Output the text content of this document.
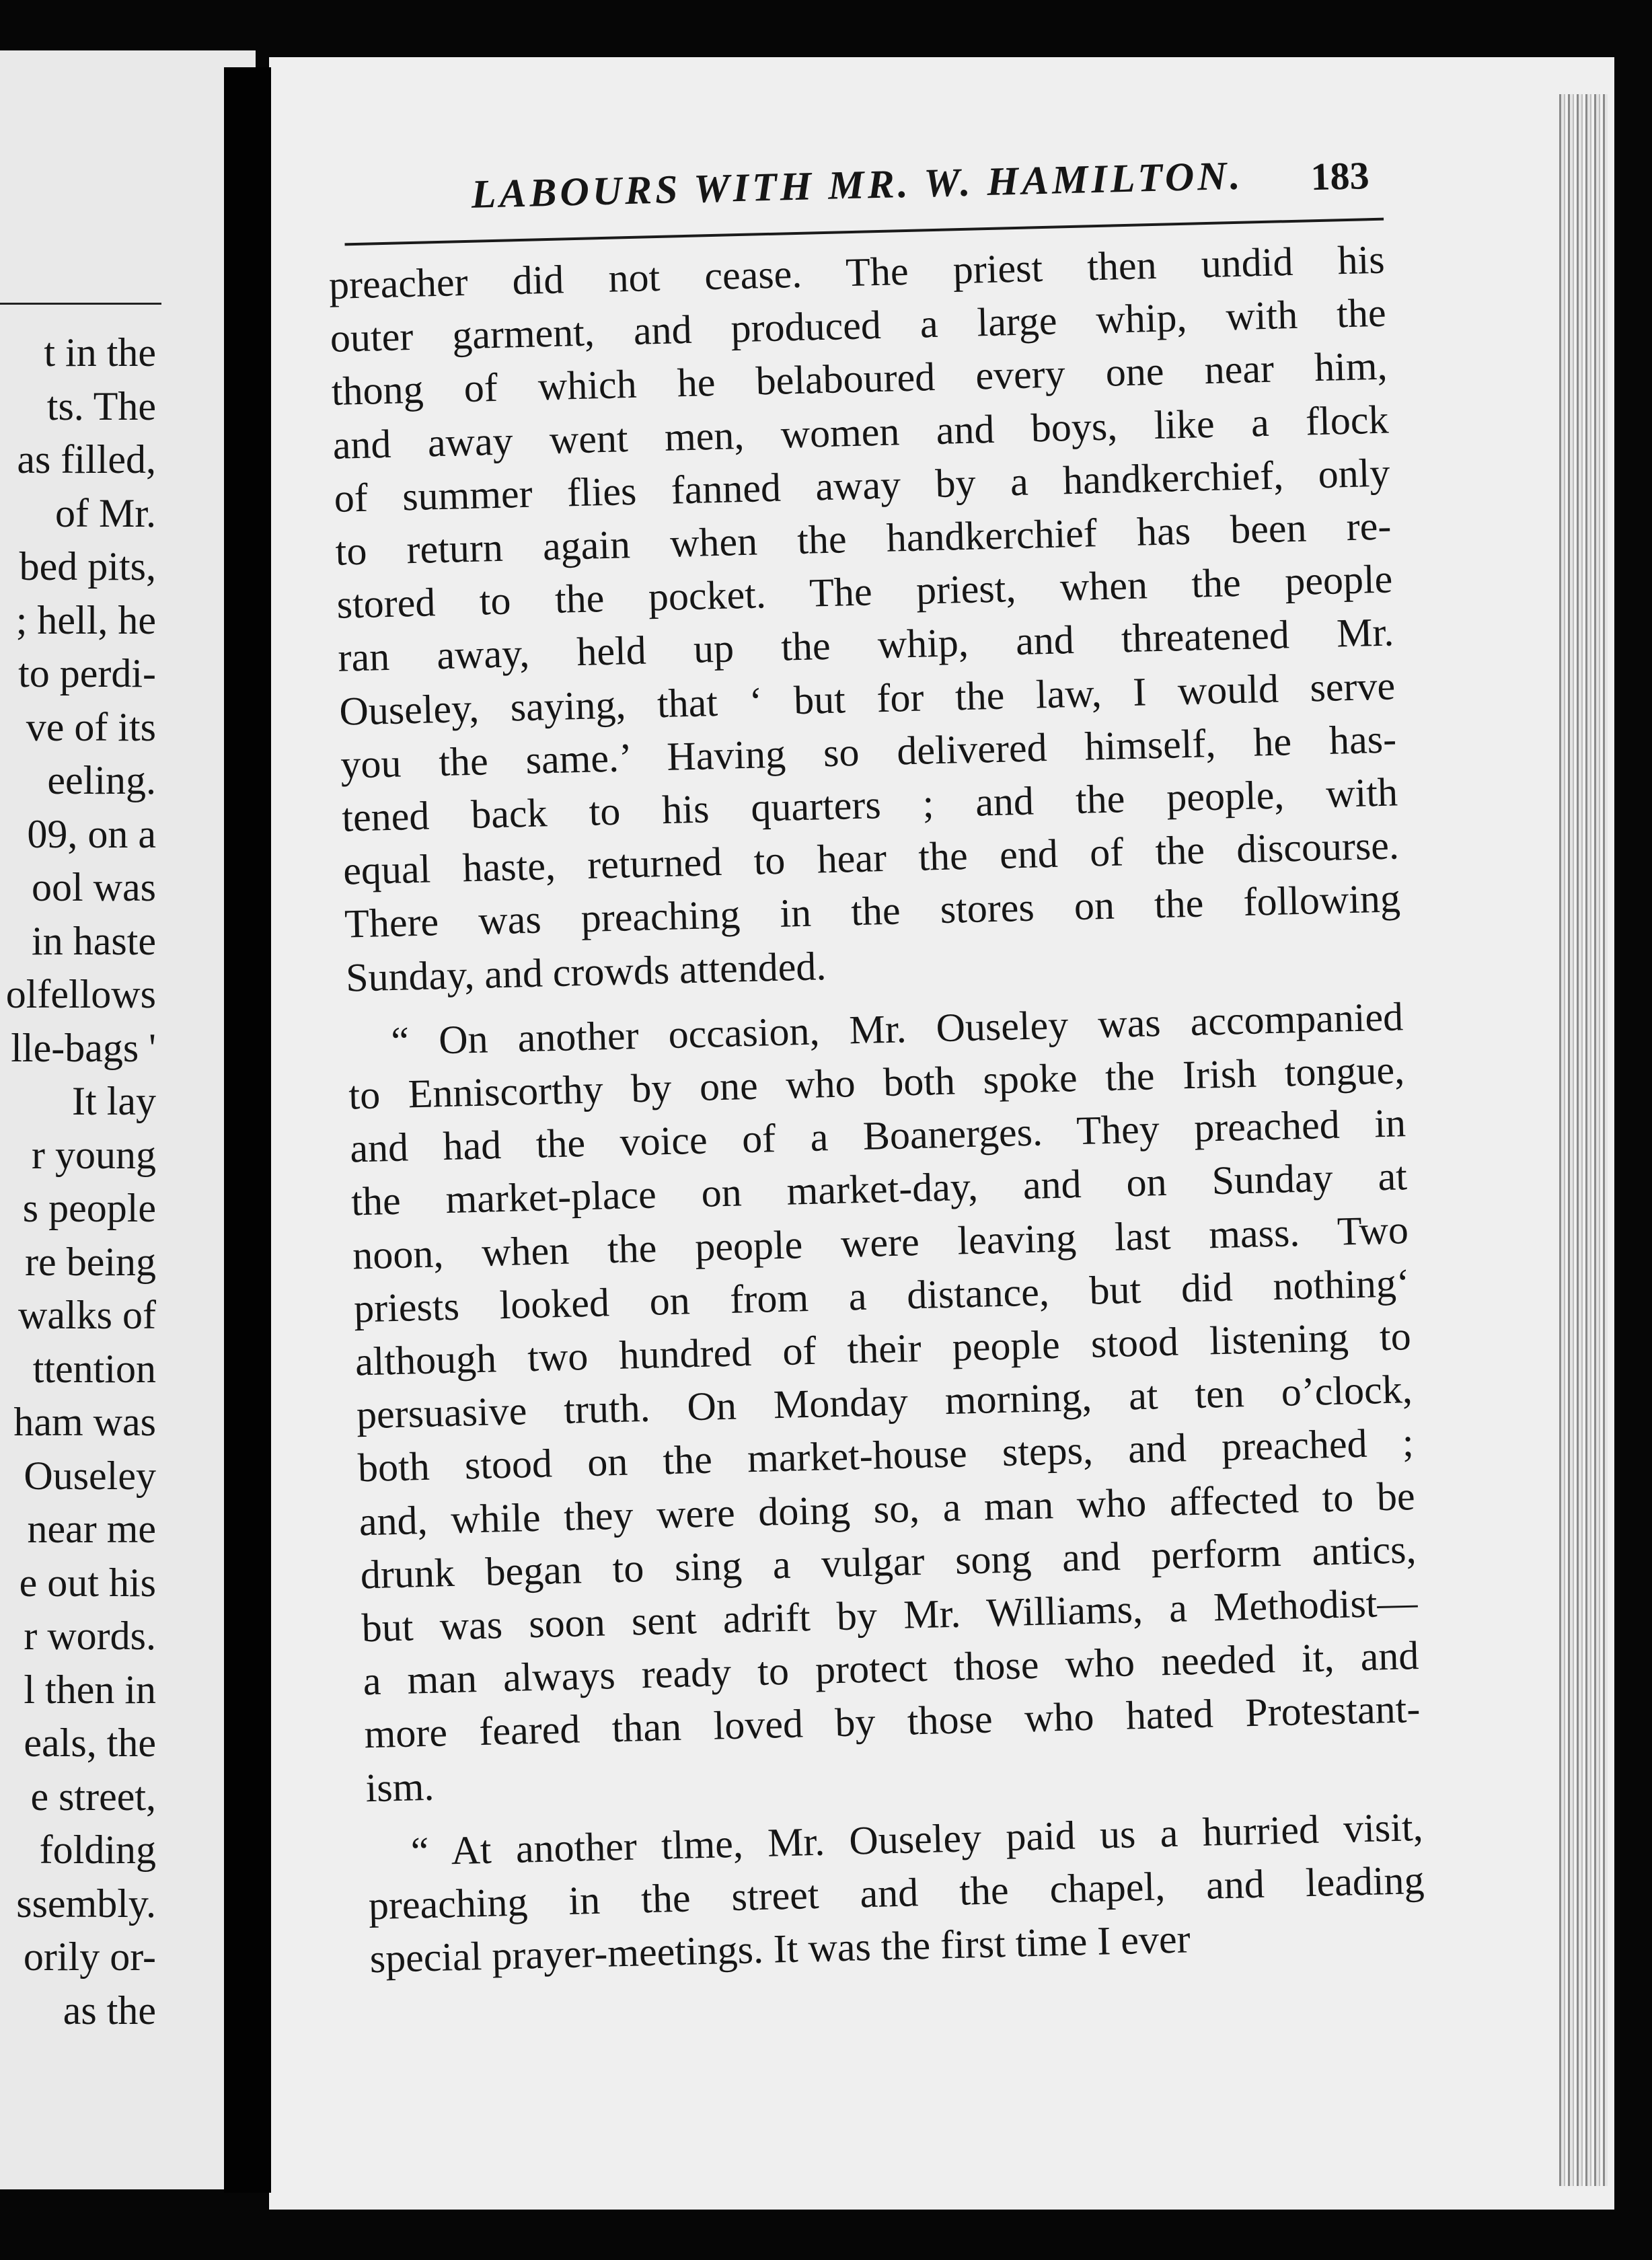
t in the
ts. The
as filled,
of Mr.
bed pits,
; hell, he
to perdi-
ve of its
eeling.
09, on a
ool was
in haste
olfellows
lle-bags '
It lay
r young
s people
re being
walks of
ttention
ham was
Ouseley
near me
e out his
r words.
l then in
eals, the
e street,
folding
ssembly.
orily or-
as the
LABOURS WITH MR. W. HAMILTON. 183

preacher did not cease. The priest then undid his
outer garment, and produced a large whip, with the
thong of which he belaboured every one near him,
and away went men, women and boys, like a flock
of summer flies fanned away by a handkerchief, only
to return again when the handkerchief has been re-
stored to the pocket. The priest, when the people
ran away, held up the whip, and threatened Mr.
Ouseley, saying, that ‘ but for the law, I would serve
you the same.’ Having so delivered himself, he has-
tened back to his quarters ; and the people, with
equal haste, returned to hear the end of the discourse.
There was preaching in the stores on the following
Sunday, and crowds attended.

“ On another occasion, Mr. Ouseley was accompanied
to Enniscorthy by one who both spoke the Irish tongue,
and had the voice of a Boanerges. They preached in
the market-place on market-day, and on Sunday at
noon, when the people were leaving last mass. Two
priests looked on from a distance, but did nothing‘
although two hundred of their people stood listening to
persuasive truth. On Monday morning, at ten o’clock,
both stood on the market-house steps, and preached ;
and, while they were doing so, a man who affected to be
drunk began to sing a vulgar song and perform antics,
but was soon sent adrift by Mr. Williams, a Methodist—
a man always ready to protect those who needed it, and
more feared than loved by those who hated Protestant-
ism.

“ At another tlme, Mr. Ouseley paid us a hurried visit,
preaching in the street and the chapel, and leading
special prayer-meetings. It was the first time I ever
